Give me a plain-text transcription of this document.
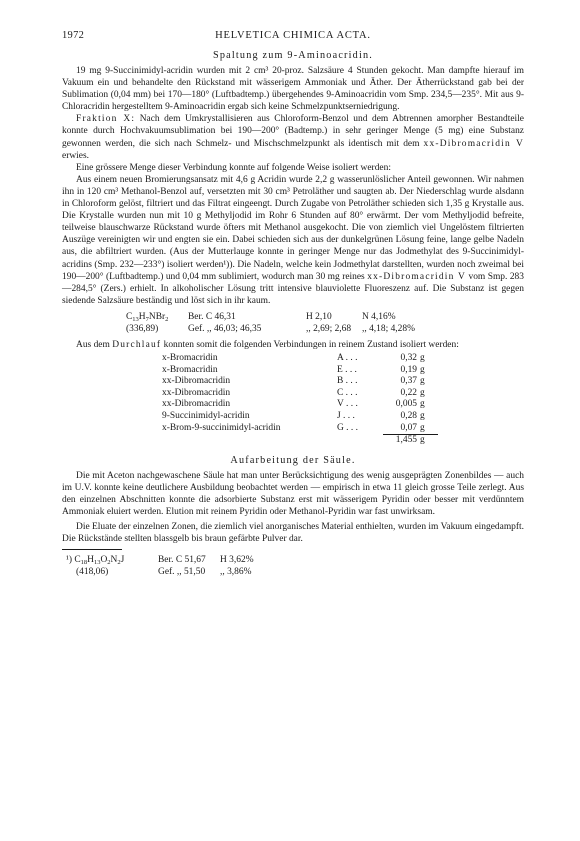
1972	HELVETICA CHIMICA ACTA.
Spaltung zum 9-Aminoacridin.

19 mg 9-Succinimidyl-acridin wurden mit 2 cm³ 20-proz. Salzsäure 4 Stunden gekocht. Man dampfte hierauf im Vakuum ein und behandelte den Rückstand mit wässerigem Ammoniak und Äther. Der Ätherrückstand gab bei der Sublimation (0,04 mm) bei 170—180° (Luftbadtemp.) übergehendes 9-Aminoacridin vom Smp. 234,5—235°. Mit aus 9-Chloracridin hergestelltem 9-Aminoacridin ergab sich keine Schmelzpunktserniedrigung.

Fraktion X: Nach dem Umkrystallisieren aus Chloroform-Benzol und dem Abtrennen amorpher Bestandteile konnte durch Hochvakuumsublimation bei 190—200° (Badtemp.) in sehr geringer Menge (5 mg) eine Substanz gewonnen werden, die sich nach Schmelz- und Mischschmelzpunkt als identisch mit dem xx-Dibromacridin V erwies.

Eine grössere Menge dieser Verbindung konnte auf folgende Weise isoliert werden:

Aus einem neuen Bromierungsansatz mit 4,6 g Acridin wurde 2,2 g wasserunlöslicher Anteil gewonnen. Wir nahmen ihn in 120 cm³ Methanol-Benzol auf, versetzten mit 30 cm³ Petroläther und saugten ab. Der Niederschlag wurde alsdann in Chloroform gelöst, filtriert und das Filtrat eingeengt. Durch Zugabe von Petroläther schieden sich 1,35 g Krystalle aus. Die Krystalle wurden nun mit 10 g Methyljodid im Rohr 6 Stunden auf 80° erwärmt. Der vom Methyljodid befreite, teilweise blauschwarze Rückstand wurde öfters mit Methanol ausgekocht. Die von ziemlich viel Ungelöstem filtrierten Auszüge vereinigten wir und engten sie ein. Dabei schieden sich aus der dunkelgrünen Lösung feine, lange gelbe Nadeln aus, die abfiltriert wurden. (Aus der Mutterlauge konnte in geringer Menge nur das Jodmethylat des 9-Succinimidyl-acridins (Smp. 232—233°) isoliert werden¹)). Die Nadeln, welche kein Jodmethylat darstellten, wurden noch zweimal bei 190—200° (Luftbadtemp.) und 0,04 mm sublimiert, wodurch man 30 mg reines xx-Dibromacridin V vom Smp. 283—284,5° (Zers.) erhielt. In alkoholischer Lösung tritt intensive blauviolette Fluoreszenz auf. Die Substanz ist gegen siedende Salzsäure beständig und löst sich in ihr kaum.

$C_{13}H_7NBr_2$	Ber. C 46,31	H 2,10	N 4,16%
(336,89)	Gef. ,, 46,03; 46,35	,, 2,69; 2,68	,, 4,18; 4,28%

Aus dem Durchlauf konnten somit die folgenden Verbindungen in reinem Zustand isoliert werden:

x-Bromacridin	A . . .	0,32	g
x-Bromacridin	E . . .	0,19	g
xx-Dibromacridin	B . . .	0,37	g
xx-Dibromacridin	C . . .	0,22	g
xx-Dibromacridin	V . . .	0,005	g
9-Succinimidyl-acridin	J . . .	0,28	g
x-Brom-9-succinimidyl-acridin	G . . .	0,07	g
		1,455	g
Aufarbeitung der Säule.

Die mit Aceton nachgewaschene Säule hat man unter Berücksichtigung des wenig ausgeprägten Zonenbildes — auch im U.V. konnte keine deutlichere Ausbildung beobachtet werden — empirisch in etwa 11 gleich grosse Teile zerlegt. Aus den einzelnen Abschnitten konnte die adsorbierte Substanz erst mit wässerigem Pyridin oder besser mit verdünntem Ammoniak eluiert werden. Elution mit reinem Pyridin oder Methanol-Pyridin war fast unwirksam.

Die Eluate der einzelnen Zonen, die ziemlich viel anorganisches Material enthielten, wurden im Vakuum eingedampft. Die Rückstände stellten blassgelb bis braun gefärbte Pulver dar.

¹) $C_{18}H_{13}O_2N_2J$	Ber. C 51,67	H 3,62%
(418,06)	Gef. ,, 51,50	,, 3,86%
